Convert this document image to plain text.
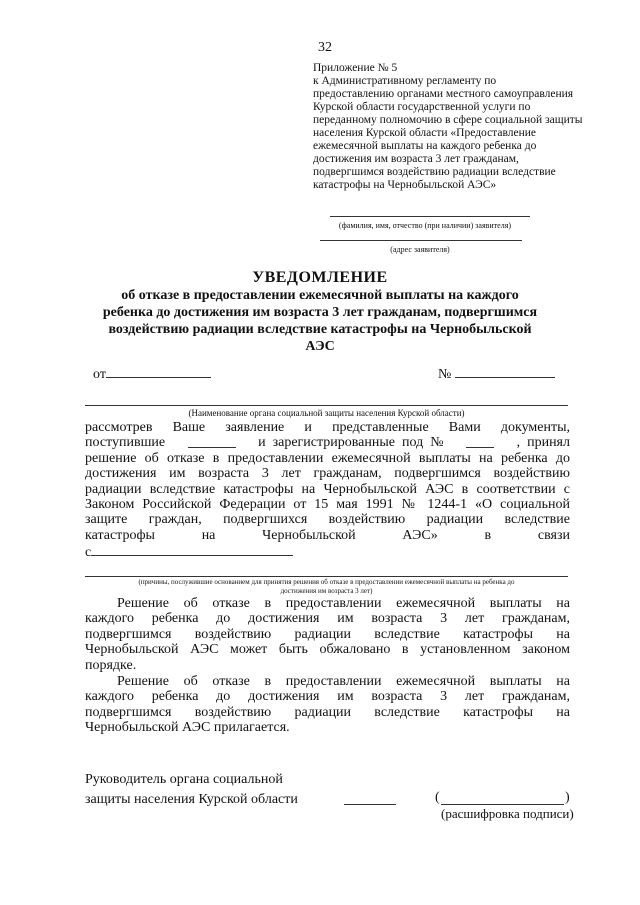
32
Приложение № 5
к Административному регламенту по
предоставлению органами местного самоуправления
Курской области государственной услуги по
переданному полномочию в сфере социальной защиты
населения Курской области «Предоставление
ежемесячной выплаты на каждого ребенка до
достижения им возраста 3 лет гражданам,
подвергшимся воздействию радиации вследствие
катастрофы на Чернобыльской АЭС»
(фамилия, имя, отчество (при наличии) заявителя)
(адрес заявителя)
УВЕДОМЛЕНИЕ
об отказе в предоставлении ежемесячной выплаты на каждого
ребенка до достижения им возраста 3 лет гражданам, подвергшимся
воздействию радиации вследствие катастрофы на Чернобыльской
АЭС
от	№
(Наименование органа социальной защиты населения Курской области)
рассмотрев Ваше заявление и представленные Вами документы,
поступившие	и  зарегистрированные  под  №	,  принял
решение об отказе в предоставлении ежемесячной выплаты на ребенка до
достижения им возраста 3 лет гражданам, подвергшимся воздействию
радиации вследствие катастрофы на Чернобыльской АЭС в соответствии с
Законом Российской Федерации от 15 мая 1991 № 1244-1 «О социальной
защите граждан, подвергшихся воздействию радиации вследствие
катастрофы	на	Чернобыльской	АЭС»	в	связи
с
(причины, послужившие основанием для принятия решения об отказе в предоставлении ежемесячной выплаты на ребенка до
достижения им возраста 3 лет)
Решение об отказе в предоставлении ежемесячной выплаты на
каждого ребенка до достижения им возраста 3 лет гражданам,
подвергшимся воздействию радиации вследствие катастрофы на
Чернобыльской АЭС может быть обжаловано в установленном законом
порядке.
Решение об отказе в предоставлении ежемесячной выплаты на
каждого ребенка до достижения им возраста 3 лет гражданам,
подвергшимся воздействию радиации вследствие катастрофы на
Чернобыльской АЭС прилагается.
Руководитель органа социальной
защиты населения Курской области	(	)
(расшифровка подписи)
